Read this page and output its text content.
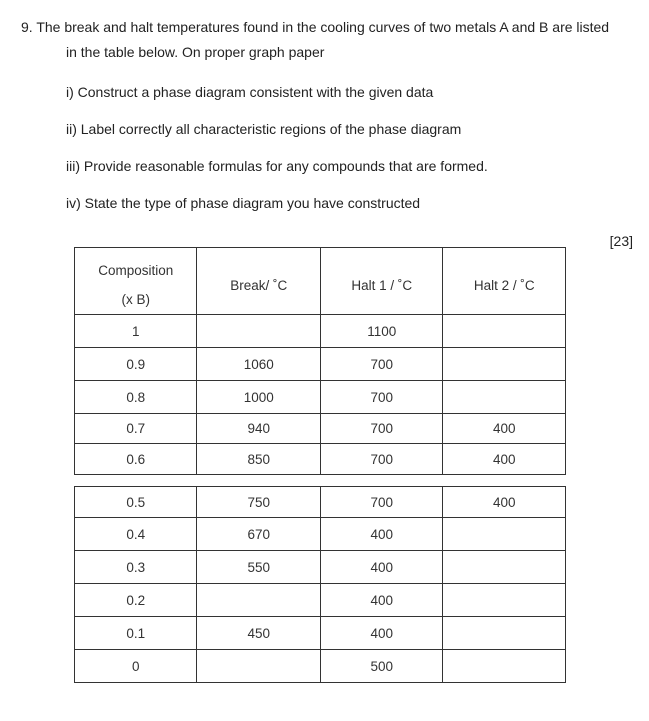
9. The break and halt temperatures found in the cooling curves of two metals A and B are listed
in the table below. On proper graph paper
i) Construct a phase diagram consistent with the given data
ii) Label correctly all characteristic regions of the phase diagram
iii) Provide reasonable formulas for any compounds that are formed.
iv) State the type of phase diagram you have constructed
[23]
Composition
(x B)	Break/ ˚C	Halt 1 / ˚C	Halt 2 / ˚C

1		1100	
0.9	1060	700	
0.8	1000	700	
0.7	940	700	400
0.6	850	700	400
0.5	750	700	400
0.4	670	400	
0.3	550	400	
0.2		400	
0.1	450	400	
0		500	
